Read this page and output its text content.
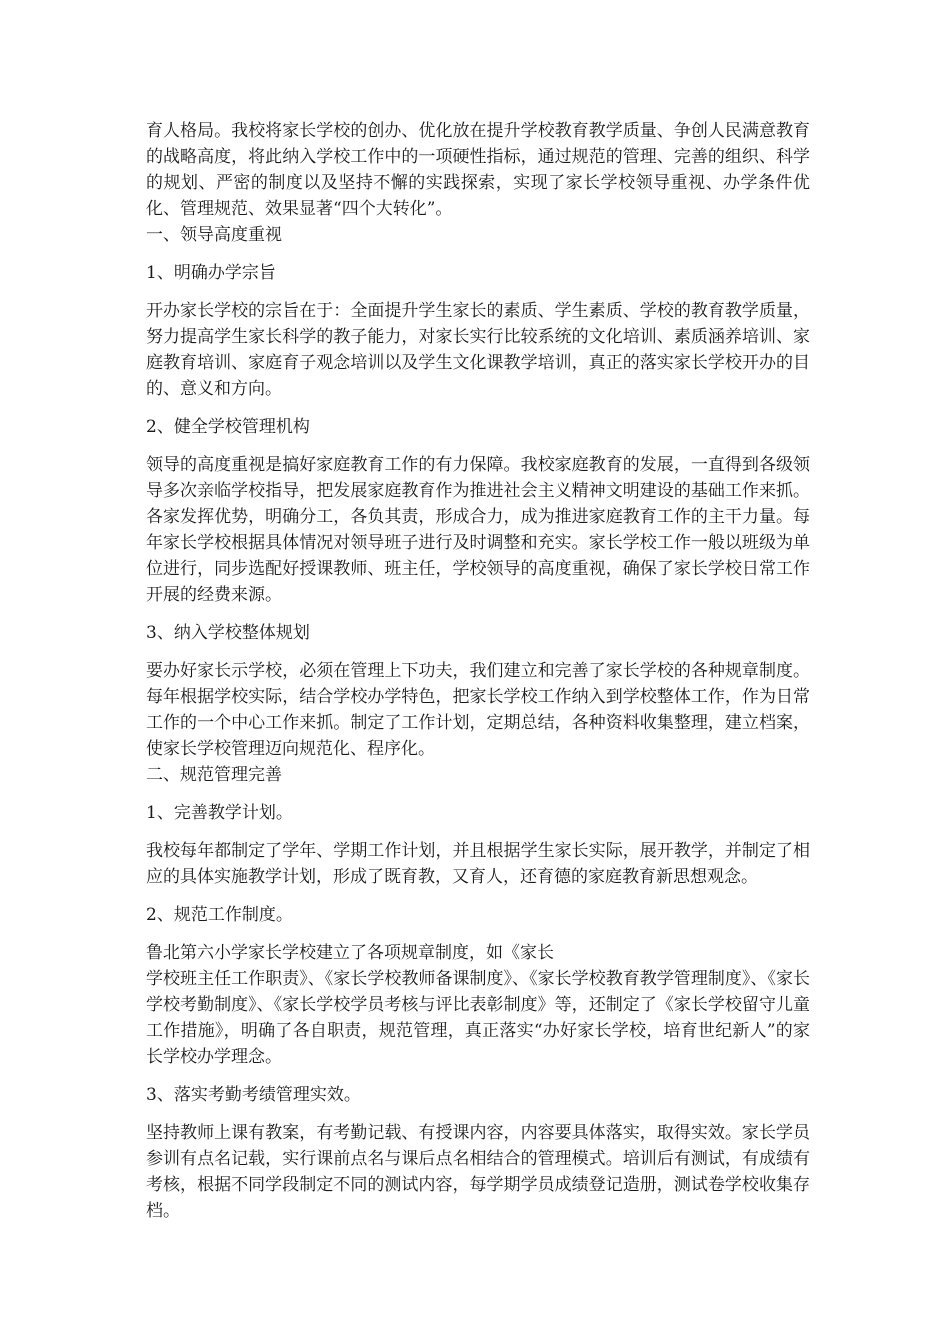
育人格局。我校将家长学校的创办、优化放在提升学校教育教学质量、争创人民满意教育的战略高度，将此纳入学校工作中的一项硬性指标，通过规范的管理、完善的组织、科学的规划、严密的制度以及坚持不懈的实践探索，实现了家长学校领导重视、办学条件优化、管理规范、效果显著“四个大转化”。

一、领导高度重视

1、明确办学宗旨

开办家长学校的宗旨在于：全面提升学生家长的素质、学生素质、学校的教育教学质量，努力提高学生家长科学的教子能力，对家长实行比较系统的文化培训、素质涵养培训、家庭教育培训、家庭育子观念培训以及学生文化课教学培训，真正的落实家长学校开办的目的、意义和方向。

2、健全学校管理机构

领导的高度重视是搞好家庭教育工作的有力保障。我校家庭教育的发展，一直得到各级领导多次亲临学校指导，把发展家庭教育作为推进社会主义精神文明建设的基础工作来抓。各家发挥优势，明确分工，各负其责，形成合力，成为推进家庭教育工作的主干力量。每年家长学校根据具体情况对领导班子进行及时调整和充实。家长学校工作一般以班级为单位进行，同步选配好授课教师、班主任，学校领导的高度重视，确保了家长学校日常工作开展的经费来源。

3、纳入学校整体规划

要办好家长示学校，必须在管理上下功夫，我们建立和完善了家长学校的各种规章制度。每年根据学校实际，结合学校办学特色，把家长学校工作纳入到学校整体工作，作为日常工作的一个中心工作来抓。制定了工作计划，定期总结，各种资料收集整理，建立档案，使家长学校管理迈向规范化、程序化。

二、规范管理完善

1、完善教学计划。

我校每年都制定了学年、学期工作计划，并且根据学生家长实际，展开教学，并制定了相应的具体实施教学计划，形成了既育教，又育人，还育德的家庭教育新思想观念。

2、规范工作制度。

鲁北第六小学家长学校建立了各项规章制度，如《家长

学校班主任工作职责》、《家长学校教师备课制度》、《家长学校教育教学管理制度》、《家长学校考勤制度》、《家长学校学员考核与评比表彰制度》等，还制定了《家长学校留守儿童工作措施》，明确了各自职责，规范管理，真正落实“办好家长学校，培育世纪新人”的家长学校办学理念。

3、落实考勤考绩管理实效。

坚持教师上课有教案，有考勤记载、有授课内容，内容要具体落实，取得实效。家长学员参训有点名记载，实行课前点名与课后点名相结合的管理模式。培训后有测试，有成绩有考核，根据不同学段制定不同的测试内容，每学期学员成绩登记造册，测试卷学校收集存档。
